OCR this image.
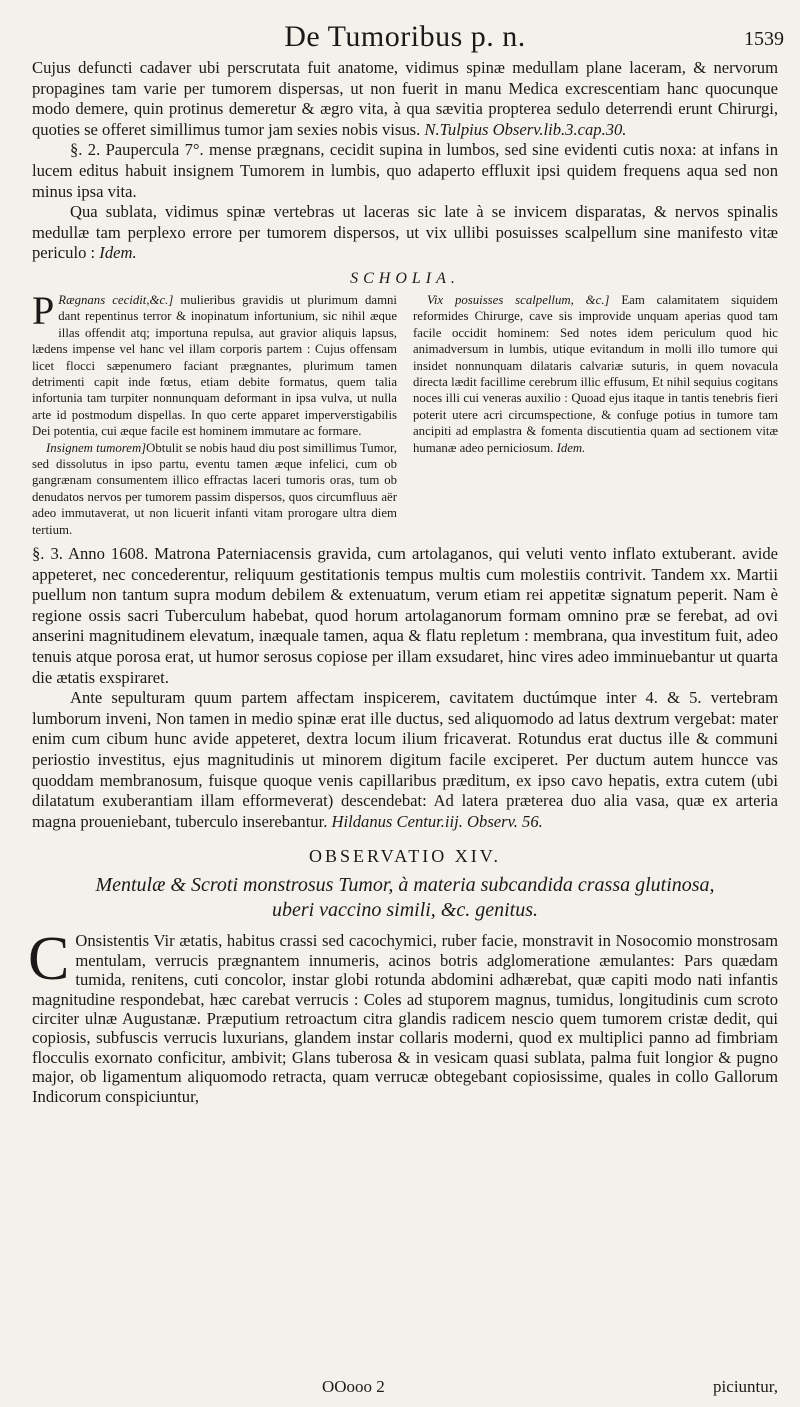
De Tumoribus p. n.	1539

Cujus defuncti cadaver ubi perscrutata fuit anatome, vidimus spinæ medullam plane laceram, & nervorum propagines tam varie per tumorem dispersas, ut non fuerit in manu Medica excrescentiam hanc quocunque modo demere, quin protinus demeretur & ægro vita, à qua sævitia propterea sedulo deterrendi erunt Chirurgi, quoties se offeret simillimus tumor jam sexies nobis visus. N.Tulpius Observ.lib.3.cap.30.

§. 2. Paupercula 7°. mense prægnans, cecidit supina in lumbos, sed sine evidenti cutis noxa: at infans in lucem editus habuit insignem Tumorem in lumbis, quo adaperto effluxit ipsi quidem frequens aqua sed non minus ipsa vita.

Qua sublata, vidimus spinæ vertebras ut laceras sic late à se invicem disparatas, & nervos spinalis medullæ tam perplexo errore per tumorem dispersos, ut vix ullibi posuisses scalpellum sine manifesto vitæ periculo : Idem.

SCHOLIA.

P Rægnans cecidit,&c.] mulieribus gravidis ut plurimum damni dant repentinus terror & inopinatum infortunium, sic nihil æque illas offendit atq; importuna repulsa, aut gravior aliquis lapsus, lædens impense vel hanc vel illam corporis partem : Cujus offensam licet flocci sæpenumero faciant prægnantes, plurimum tamen detrimenti capit inde fœtus, etiam debite formatus, quem talia infortunia tam turpiter nonnunquam deformant in ipsa vulva, ut nulla arte id postmodum dispellas. In quo certe apparet imperverstigabilis Dei potentia, cui æque facile est hominem immutare ac formare.

Insignem tumorem]Obtulit se nobis haud diu post simillimus Tumor, sed dissolutus in ipso partu, eventu tamen æque infelici, cum ob gangrænam consumentem illico effractas laceri tumoris oras, tum ob denudatos nervos per tumorem passim dispersos, quos circumfluus aër adeo immutaverat, ut non licuerit infanti vitam prorogare ultra diem tertium.

Vix posuisses scalpellum, &c.] Eam calamitatem siquidem reformides Chirurge, cave sis improvide unquam aperias quod tam facile occidit hominem: Sed notes idem periculum quod hic animadversum in lumbis, utique evitandum in molli illo tumore qui insidet nonnunquam dilataris calvariæ suturis, in quem novacula directa lædit facillime cerebrum illic effusum, Et nihil sequius cogitans noces illi cui veneras auxilio : Quoad ejus itaque in tantis tenebris fieri poterit utere acri circumspectione, & confuge potius in tumore tam ancipiti ad emplastra & fomenta discutientia quam ad sectionem vitæ humanæ adeo perniciosum. Idem.

§. 3. Anno 1608. Matrona Paterniacensis gravida, cum artolaganos, qui veluti vento inflato extuberant. avide appeteret, nec concederentur, reliquum gestitationis tempus multis cum molestiis contrivit. Tandem xx. Martii puellum non tantum supra modum debilem & extenuatum, verum etiam rei appetitæ signatum peperit. Nam è regione ossis sacri Tuberculum habebat, quod horum artolaganorum formam omnino præ se ferebat, ad ovi anserini magnitudinem elevatum, inæquale tamen, aqua & flatu repletum : membrana, qua investitum fuit, adeo tenuis atque porosa erat, ut humor serosus copiose per illam exsudaret, hinc vires adeo imminuebantur ut quarta die ætatis exspiraret.

Ante sepulturam quum partem affectam inspicerem, cavitatem ductúmque inter 4. & 5. vertebram lumborum inveni, Non tamen in medio spinæ erat ille ductus, sed aliquomodo ad latus dextrum vergebat: mater enim cum cibum hunc avide appeteret, dextra locum ilium fricaverat. Rotundus erat ductus ille & communi periostio investitus, ejus magnitudinis ut minorem digitum facile exciperet. Per ductum autem huncce vas quoddam membranosum, fuisque quoque venis capillaribus præditum, ex ipso cavo hepatis, extra cutem (ubi dilatatum exuberantiam illam efformeverat) descendebat: Ad latera præterea duo alia vasa, quæ ex arteria magna proueniebant, tuberculo inserebantur. Hildanus Centur.iij. Observ. 56.

OBSERVATIO XIV.
Mentulæ & Scroti monstrosus Tumor, à materia subcandida crassa glutinosa, uberi vaccino simili, &c. genitus.
C Onsistentis Vir ætatis, habitus crassi sed cacochymici, ruber facie, monstravit in Nosocomio monstrosam mentulam, verrucis prægnantem innumeris, acinos botris adglomeratione æmulantes: Pars quædam tumida, renitens, cuti concolor, instar globi rotunda abdomini adhærebat, quæ capiti modo nati infantis magnitudine respondebat, hæc carebat verrucis : Coles ad stuporem magnus, tumidus, longitudinis cum scroto circiter ulnæ Augustanæ. Præputium retroactum citra glandis radicem nescio quem tumorem cristæ dedit, qui copiosis, subfuscis verrucis luxurians, glandem instar collaris moderni, quod ex multiplici panno ad fimbriam flocculis exornato conficitur, ambivit; Glans tuberosa & in vesicam quasi sublata, palma fuit longior & pugno major, ob ligamentum aliquomodo retracta, quam verrucæ obtegebant copiosissime, quales in collo Gallorum Indicorum conspiciuntur,
OOooo 2	piciuntur,
